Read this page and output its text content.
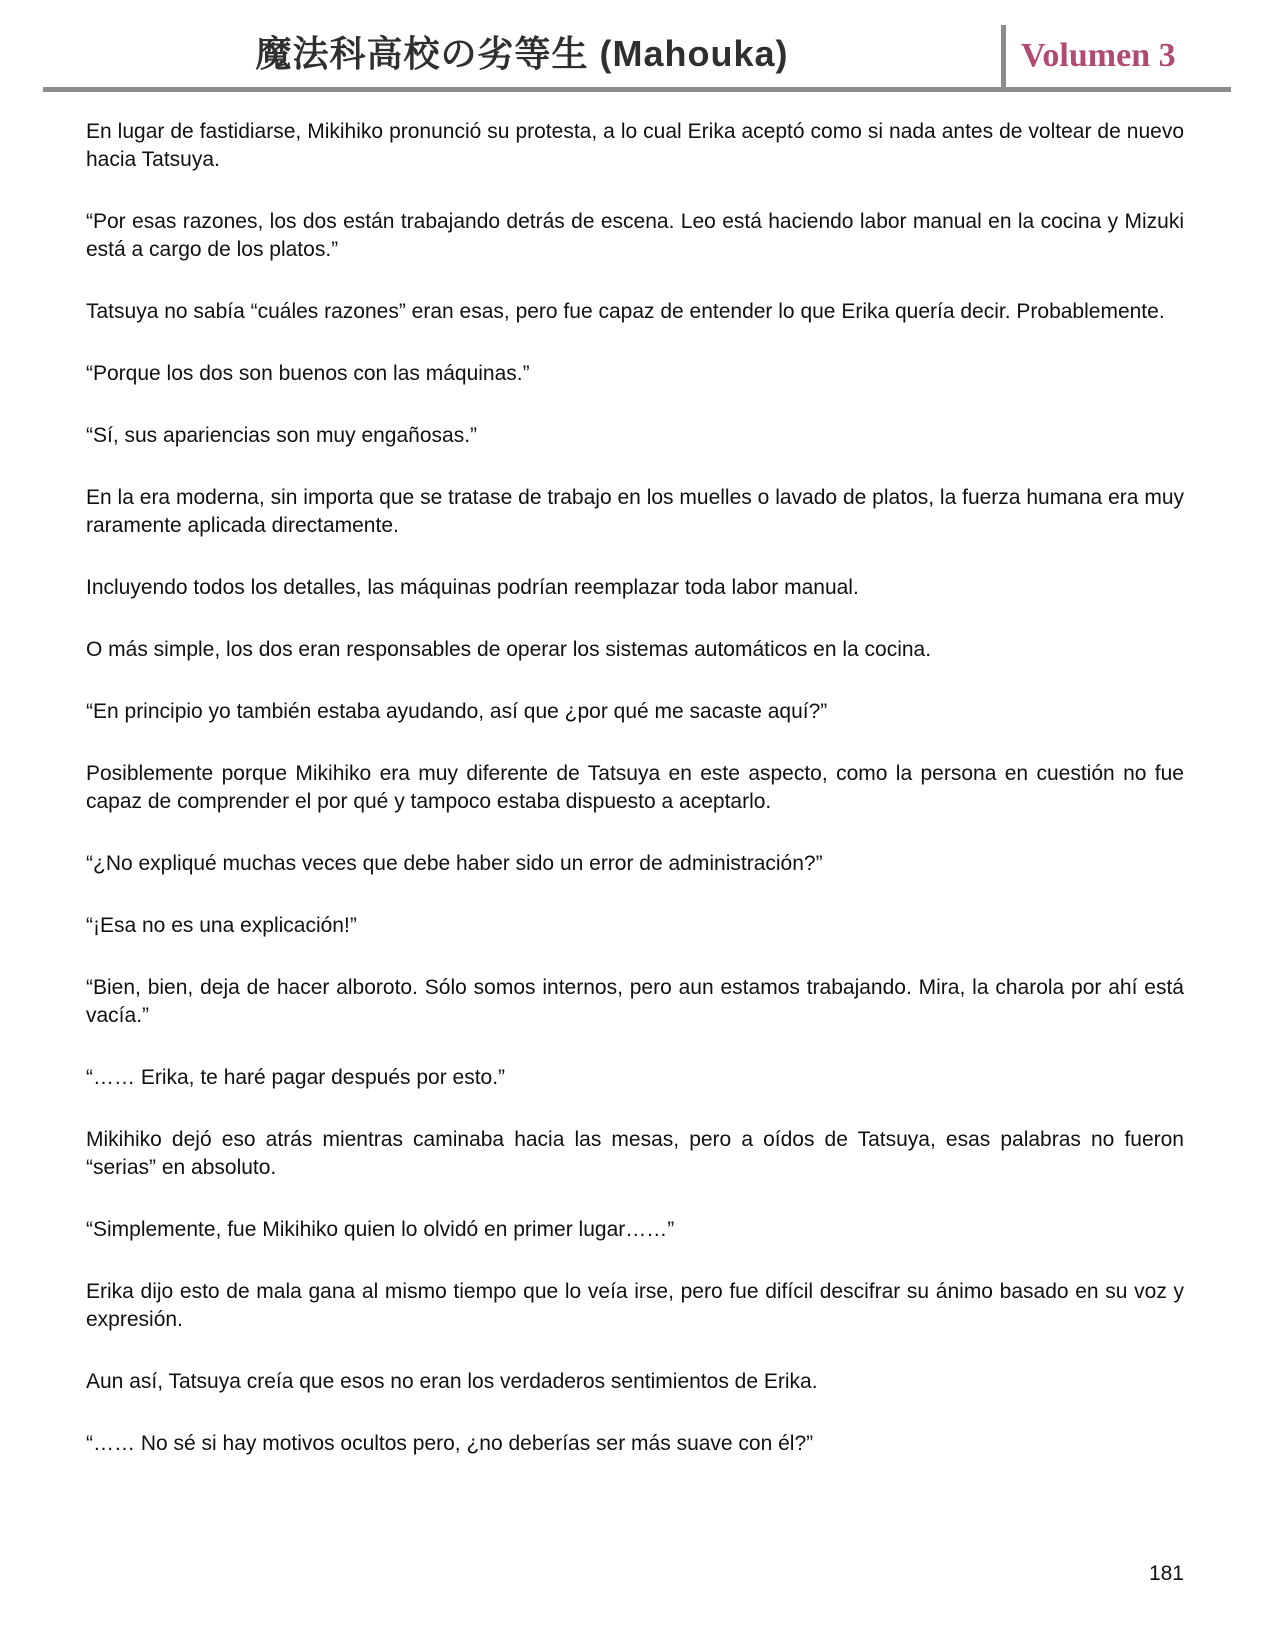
魔法科高校の劣等生 (Mahouka)	Volumen 3

En lugar de fastidiarse, Mikihiko pronunció su protesta, a lo cual Erika aceptó como si nada antes de voltear de nuevo hacia Tatsuya.

“Por esas razones, los dos están trabajando detrás de escena. Leo está haciendo labor manual en la cocina y Mizuki está a cargo de los platos.”

Tatsuya no sabía “cuáles razones” eran esas, pero fue capaz de entender lo que Erika quería decir. Probablemente.

“Porque los dos son buenos con las máquinas.”

“Sí, sus apariencias son muy engañosas.”

En la era moderna, sin importa que se tratase de trabajo en los muelles o lavado de platos, la fuerza humana era muy raramente aplicada directamente.

Incluyendo todos los detalles, las máquinas podrían reemplazar toda labor manual.

O más simple, los dos eran responsables de operar los sistemas automáticos en la cocina.

“En principio yo también estaba ayudando, así que ¿por qué me sacaste aquí?”

Posiblemente porque Mikihiko era muy diferente de Tatsuya en este aspecto, como la persona en cuestión no fue capaz de comprender el por qué y tampoco estaba dispuesto a aceptarlo.

“¿No expliqué muchas veces que debe haber sido un error de administración?”

“¡Esa no es una explicación!”

“Bien, bien, deja de hacer alboroto. Sólo somos internos, pero aun estamos trabajando. Mira, la charola por ahí está vacía.”

“…… Erika, te haré pagar después por esto.”

Mikihiko dejó eso atrás mientras caminaba hacia las mesas, pero a oídos de Tatsuya, esas palabras no fueron “serias” en absoluto.

“Simplemente, fue Mikihiko quien lo olvidó en primer lugar……”

Erika dijo esto de mala gana al mismo tiempo que lo veía irse, pero fue difícil descifrar su ánimo basado en su voz y expresión.

Aun así, Tatsuya creía que esos no eran los verdaderos sentimientos de Erika.

“…… No sé si hay motivos ocultos pero, ¿no deberías ser más suave con él?”

181
